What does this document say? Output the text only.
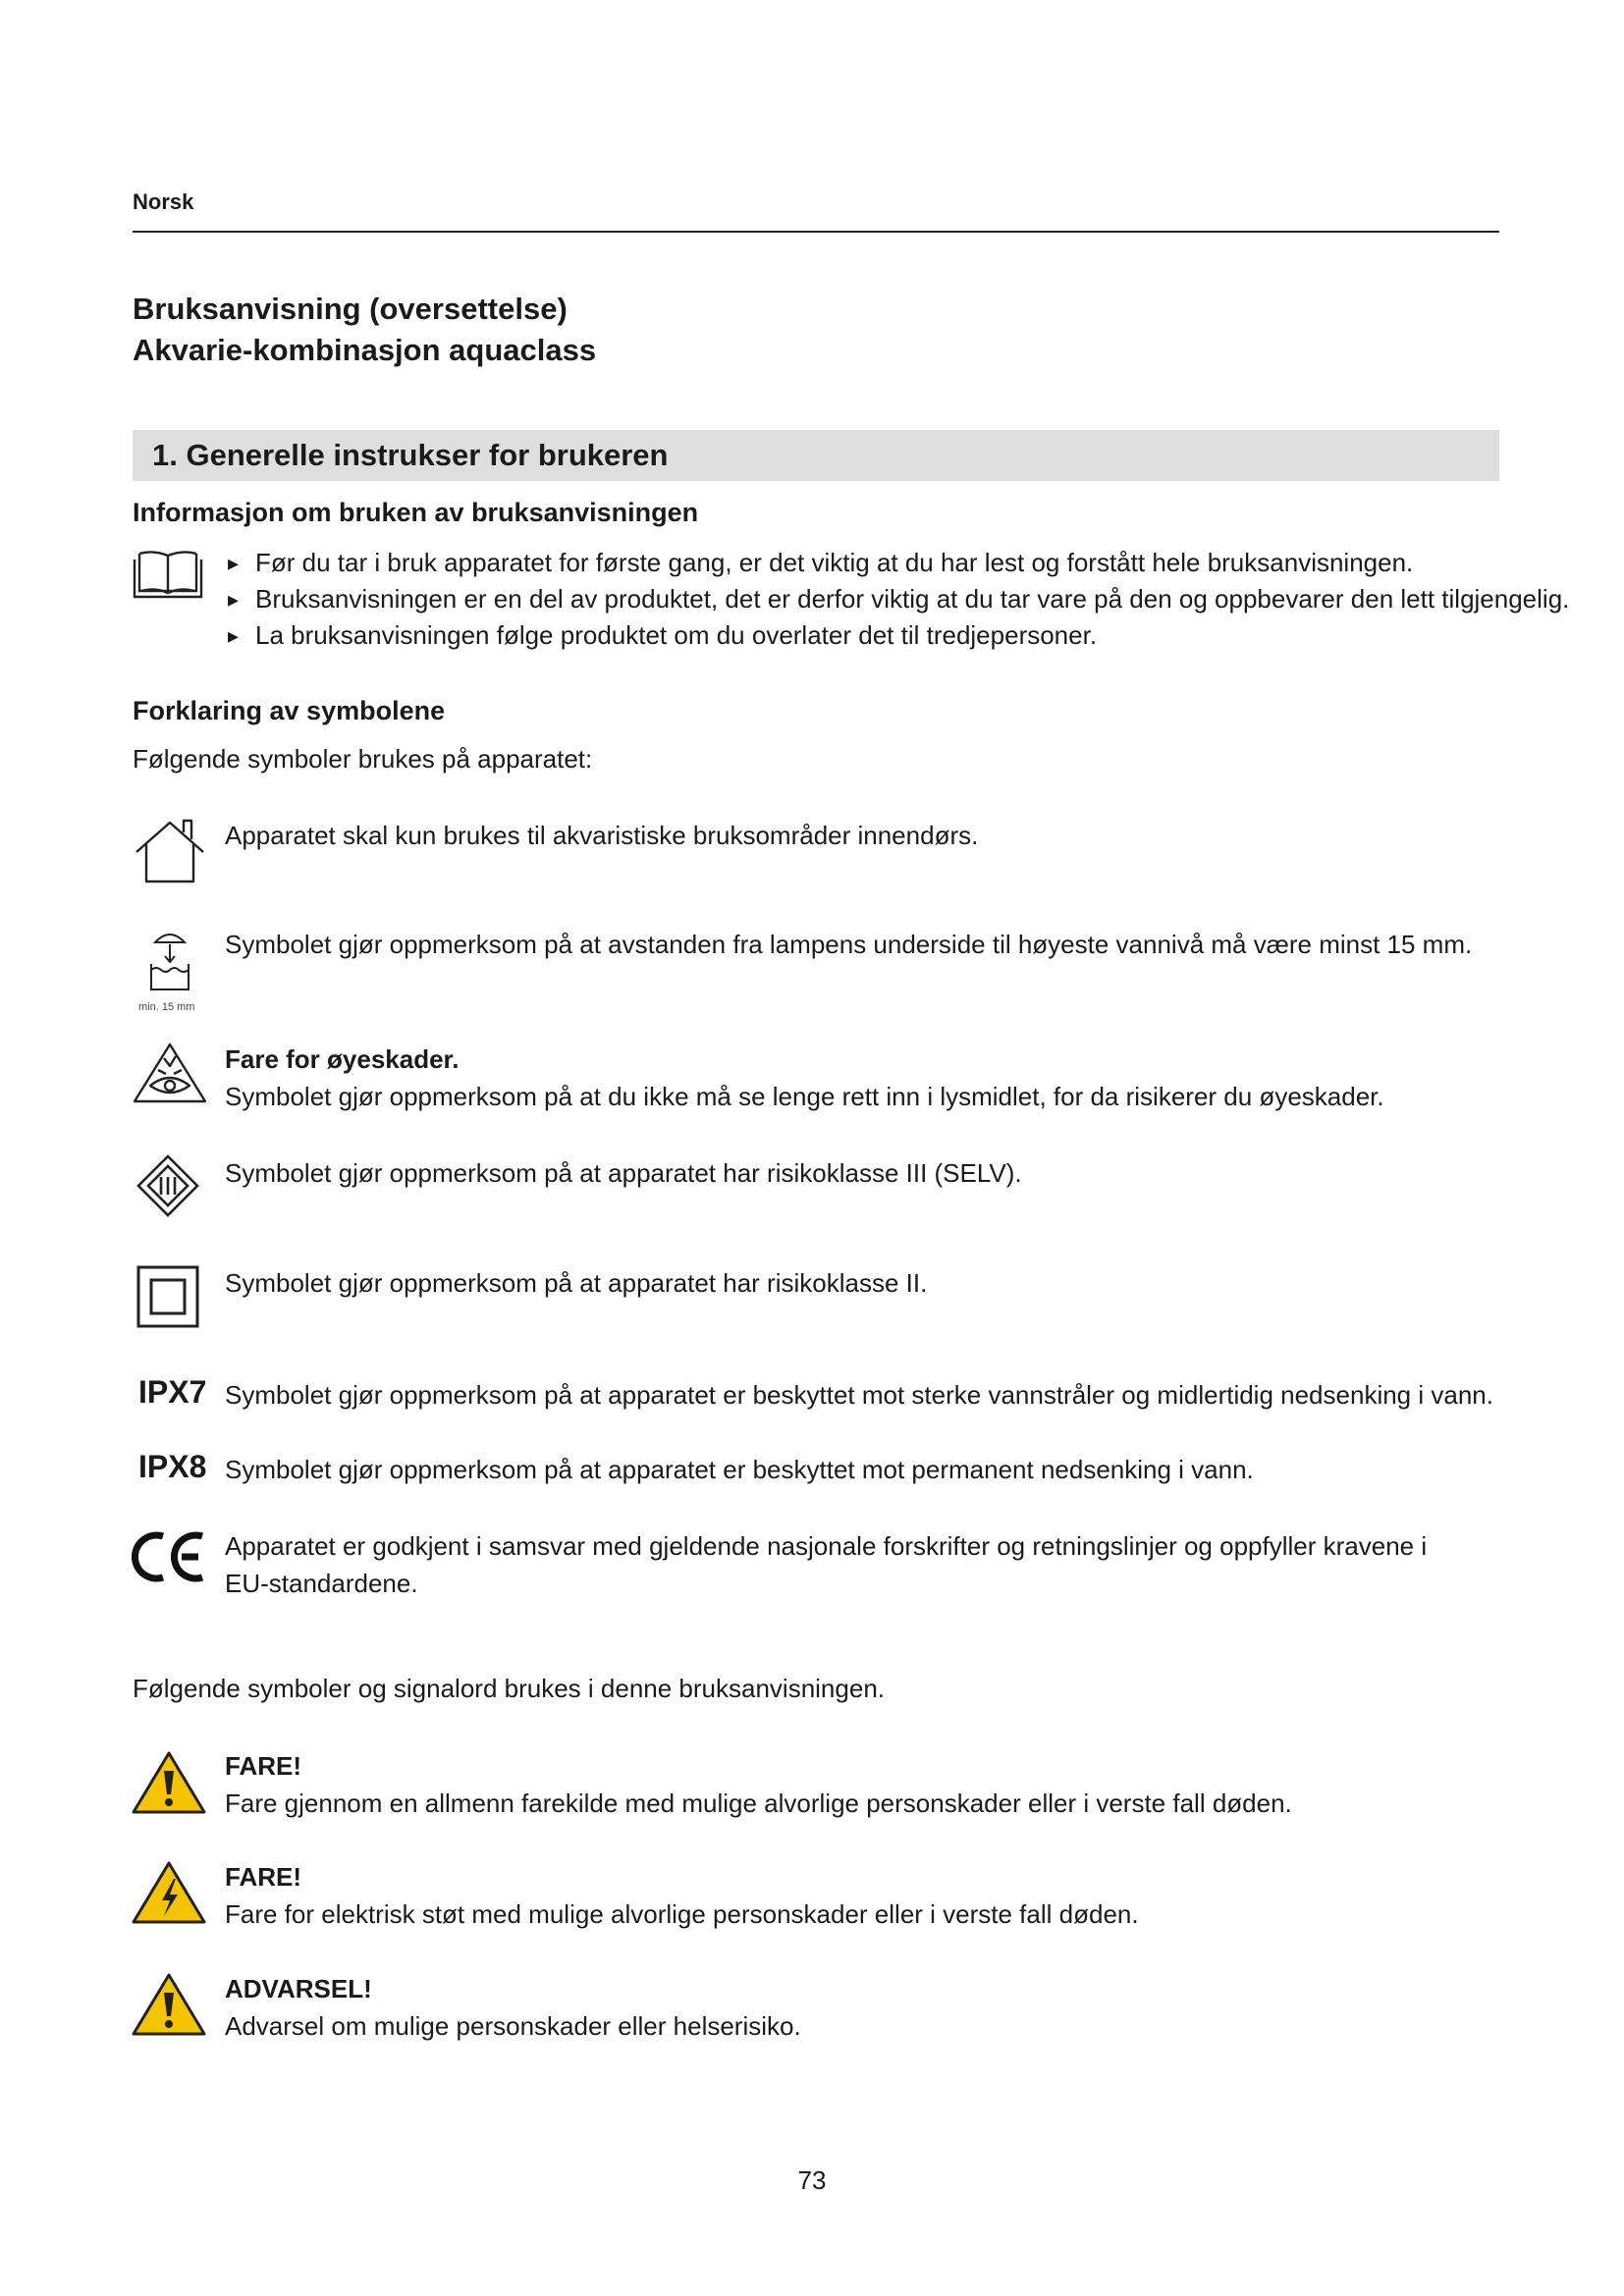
Norsk
Bruksanvisning (oversettelse)
Akvarie-kombinasjon aquaclass
1. Generelle instrukser for brukeren
Informasjon om bruken av bruksanvisningen
▸ Før du tar i bruk apparatet for første gang, er det viktig at du har lest og forstått hele bruksanvisningen.
▸ Bruksanvisningen er en del av produktet, det er derfor viktig at du tar vare på den og oppbevarer den lett tilgjengelig.
▸ La bruksanvisningen følge produktet om du overlater det til tredjepersoner.
Forklaring av symbolene
Følgende symboler brukes på apparatet:
Apparatet skal kun brukes til akvaristiske bruksområder innendørs.
min. 15 mm
Symbolet gjør oppmerksom på at avstanden fra lampens underside til høyeste vannivå må være minst 15 mm.
Fare for øyeskader.
Symbolet gjør oppmerksom på at du ikke må se lenge rett inn i lysmidlet, for da risikerer du øyeskader.
Symbolet gjør oppmerksom på at apparatet har risikoklasse III (SELV).
Symbolet gjør oppmerksom på at apparatet har risikoklasse II.
IPX7 Symbolet gjør oppmerksom på at apparatet er beskyttet mot sterke vannstråler og midlertidig nedsenking i vann.
IPX8 Symbolet gjør oppmerksom på at apparatet er beskyttet mot permanent nedsenking i vann.
Apparatet er godkjent i samsvar med gjeldende nasjonale forskrifter og retningslinjer og oppfyller kravene i
EU-standardene.
Følgende symboler og signalord brukes i denne bruksanvisningen.
FARE!
Fare gjennom en allmenn farekilde med mulige alvorlige personskader eller i verste fall døden.
FARE!
Fare for elektrisk støt med mulige alvorlige personskader eller i verste fall døden.
ADVARSEL!
Advarsel om mulige personskader eller helserisiko.
73
